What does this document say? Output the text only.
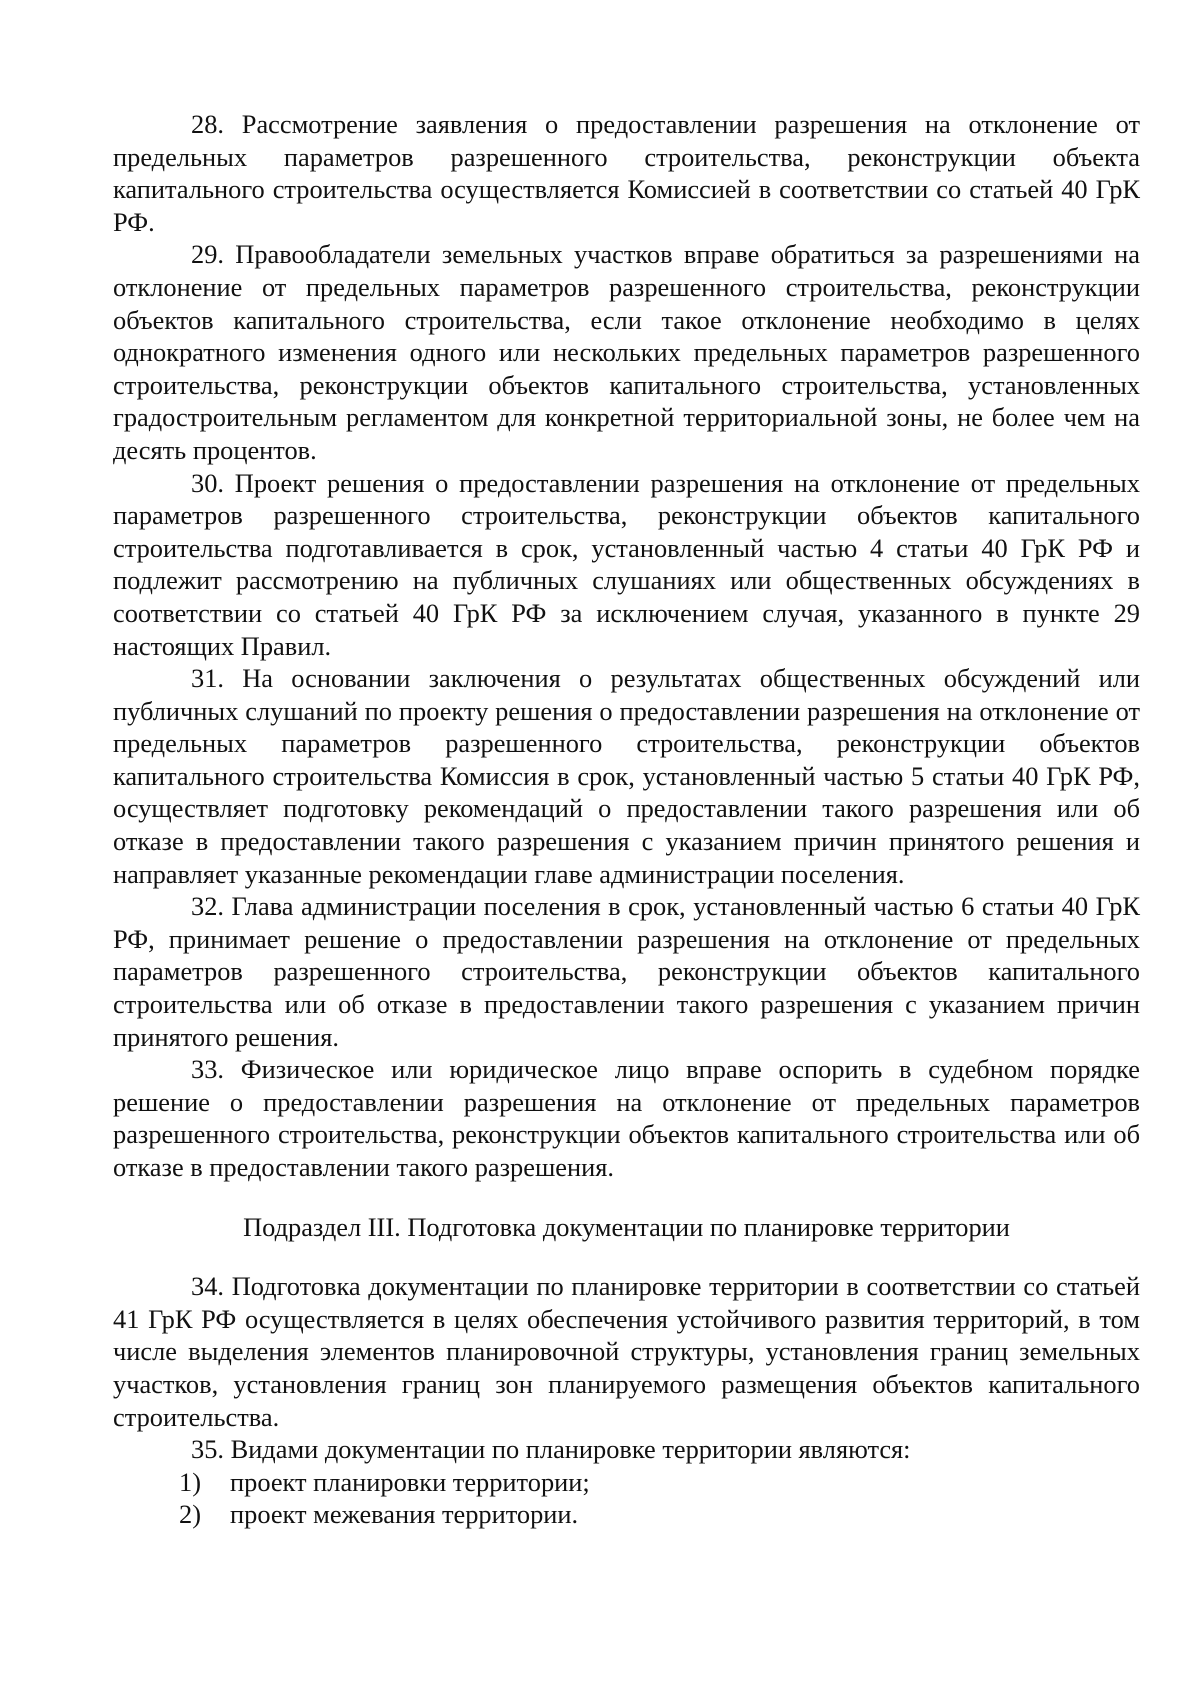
28. Рассмотрение заявления о предоставлении разрешения на отклонение от предельных параметров разрешенного строительства, реконструкции объекта капитального строительства осуществляется Комиссией в соответствии со статьей 40 ГрК РФ.

29. Правообладатели земельных участков вправе обратиться за разрешениями на отклонение от предельных параметров разрешенного строительства, реконструкции объектов капитального строительства, если такое отклонение необходимо в целях однократного изменения одного или нескольких предельных параметров разрешенного строительства, реконструкции объектов капитального строительства, установленных градостроительным регламентом для конкретной территориальной зоны, не более чем на десять процентов.

30. Проект решения о предоставлении разрешения на отклонение от предельных параметров разрешенного строительства, реконструкции объектов капитального строительства подготавливается в срок, установленный частью 4 статьи 40 ГрК РФ и подлежит рассмотрению на публичных слушаниях или общественных обсуждениях в соответствии со статьей 40 ГрК РФ за исключением случая, указанного в пункте 29 настоящих Правил.

31. На основании заключения о результатах общественных обсуждений или публичных слушаний по проекту решения о предоставлении разрешения на отклонение от предельных параметров разрешенного строительства, реконструкции объектов капитального строительства Комиссия в срок, установленный частью 5 статьи 40 ГрК РФ, осуществляет подготовку рекомендаций о предоставлении такого разрешения или об отказе в предоставлении такого разрешения с указанием причин принятого решения и направляет указанные рекомендации главе администрации поселения.

32. Глава администрации поселения в срок, установленный частью 6 статьи 40 ГрК РФ, принимает решение о предоставлении разрешения на отклонение от предельных параметров разрешенного строительства, реконструкции объектов капитального строительства или об отказе в предоставлении такого разрешения с указанием причин принятого решения.

33. Физическое или юридическое лицо вправе оспорить в судебном порядке решение о предоставлении разрешения на отклонение от предельных параметров разрешенного строительства, реконструкции объектов капитального строительства или об отказе в предоставлении такого разрешения.

Подраздел III. Подготовка документации по планировке территории

34. Подготовка документации по планировке территории в соответствии со статьей 41 ГрК РФ осуществляется в целях обеспечения устойчивого развития территорий, в том числе выделения элементов планировочной структуры, установления границ земельных участков, установления границ зон планируемого размещения объектов капитального строительства.

35. Видами документации по планировке территории являются:

1)	проект планировки территории;
2)	проект межевания территории.
